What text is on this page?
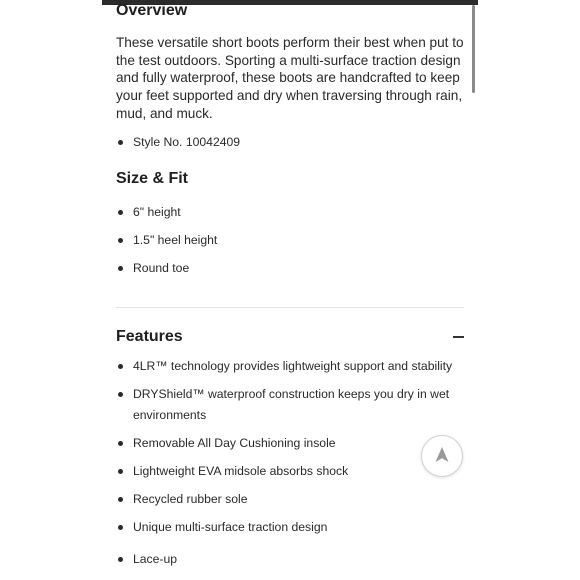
Overview
These versatile short boots perform their best when put to the test outdoors. Sporting a multi-surface traction design and fully waterproof, these boots are handcrafted to keep your feet supported and dry when traversing through rain, mud, and muck.
Style No. 10042409
Size & Fit
6" height
1.5" heel height
Round toe
Features
4LR™ technology provides lightweight support and stability
DRYShield™ waterproof construction keeps you dry in wet environments
Removable All Day Cushioning insole
Lightweight EVA midsole absorbs shock
Recycled rubber sole
Unique multi-surface traction design
Lace-up
